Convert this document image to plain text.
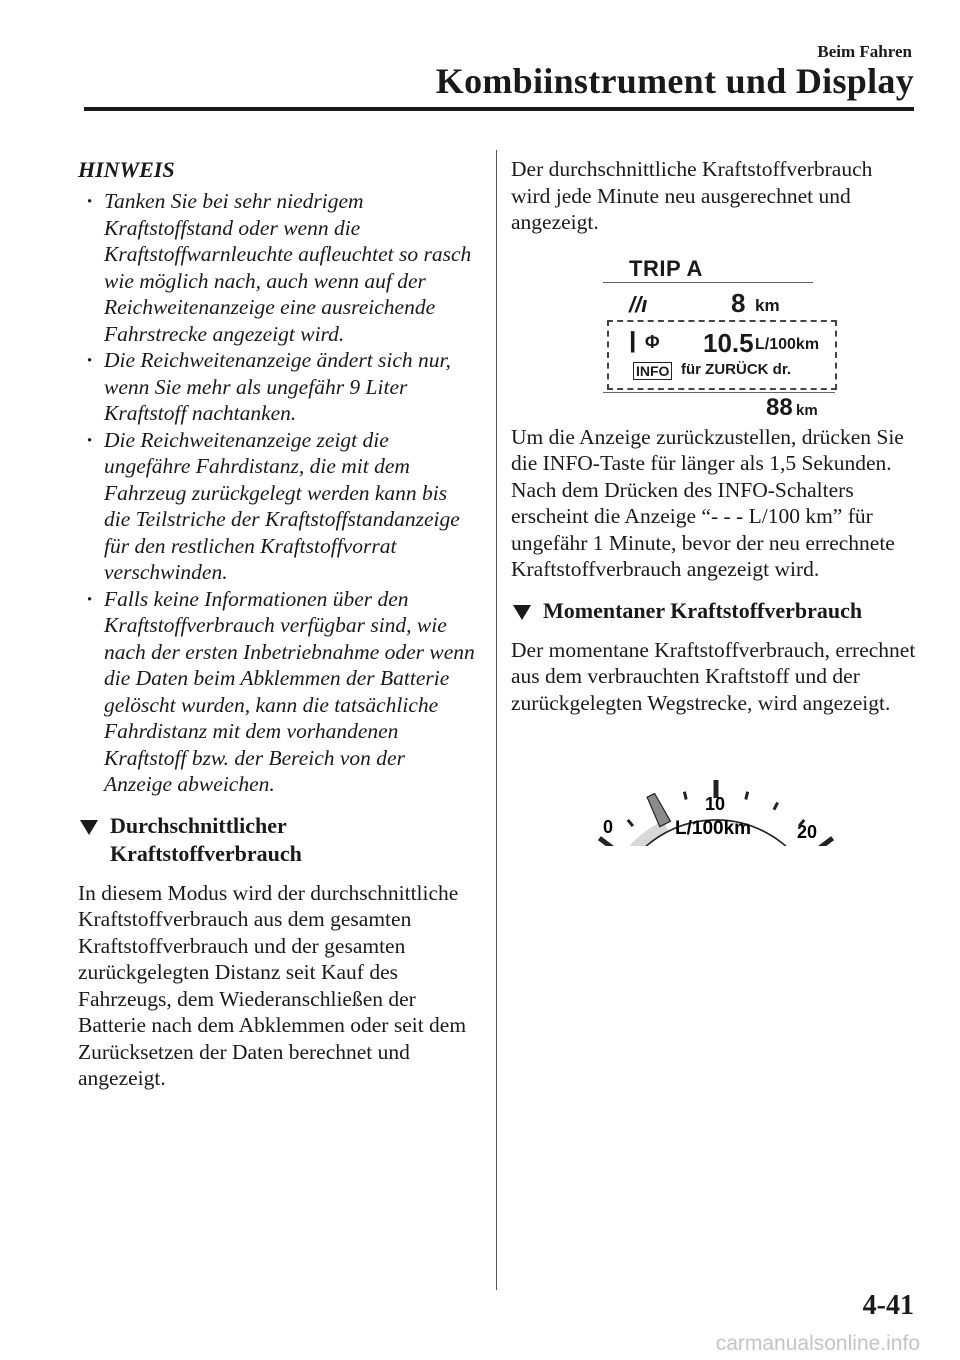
Beim Fahren
Kombiinstrument und Display

HINWEIS

· Tanken Sie bei sehr niedrigem Kraftstoffstand oder wenn die Kraftstoffwarnleuchte aufleuchtet so rasch wie möglich nach, auch wenn auf der Reichweitenanzeige eine ausreichende Fahrstrecke angezeigt wird.
· Die Reichweitenanzeige ändert sich nur, wenn Sie mehr als ungefähr 9 Liter Kraftstoff nachtanken.
· Die Reichweitenanzeige zeigt die ungefähre Fahrdistanz, die mit dem Fahrzeug zurückgelegt werden kann bis die Teilstriche der Kraftstoffstandanzeige für den restlichen Kraftstoffvorrat verschwinden.
· Falls keine Informationen über den Kraftstoffverbrauch verfügbar sind, wie nach der ersten Inbetriebnahme oder wenn die Daten beim Abklemmen der Batterie gelöscht wurden, kann die tatsächliche Fahrdistanz mit dem vorhandenen Kraftstoff bzw. der Bereich von der Anzeige abweichen.
Durchschnittlicher
Kraftstoffverbrauch

In diesem Modus wird der durchschnittliche Kraftstoffverbrauch aus dem gesamten Kraftstoffverbrauch und der gesamten zurückgelegten Distanz seit Kauf des Fahrzeugs, dem Wiederanschließen der Batterie nach dem Abklemmen oder seit dem Zurücksetzen der Daten berechnet und angezeigt.

Der durchschnittliche Kraftstoffverbrauch wird jede Minute neu ausgerechnet und angezeigt.

TRIP A
//ı	8 km
▎Φ 10.5 L/100km
INFO für ZURÜCK dr.
88 km

Um die Anzeige zurückzustellen, drücken Sie die INFO-Taste für länger als 1,5 Sekunden. Nach dem Drücken des INFO-Schalters erscheint die Anzeige “- - - L/100 km” für ungefähr 1 Minute, bevor der neu errechnete Kraftstoffverbrauch angezeigt wird.

Momentaner Kraftstoffverbrauch

Der momentane Kraftstoffverbrauch, errechnet aus dem verbrauchten Kraftstoff und der zurückgelegten Wegstrecke, wird angezeigt.

0
10
20
L/100km
4-41
carmanualsonline.info
